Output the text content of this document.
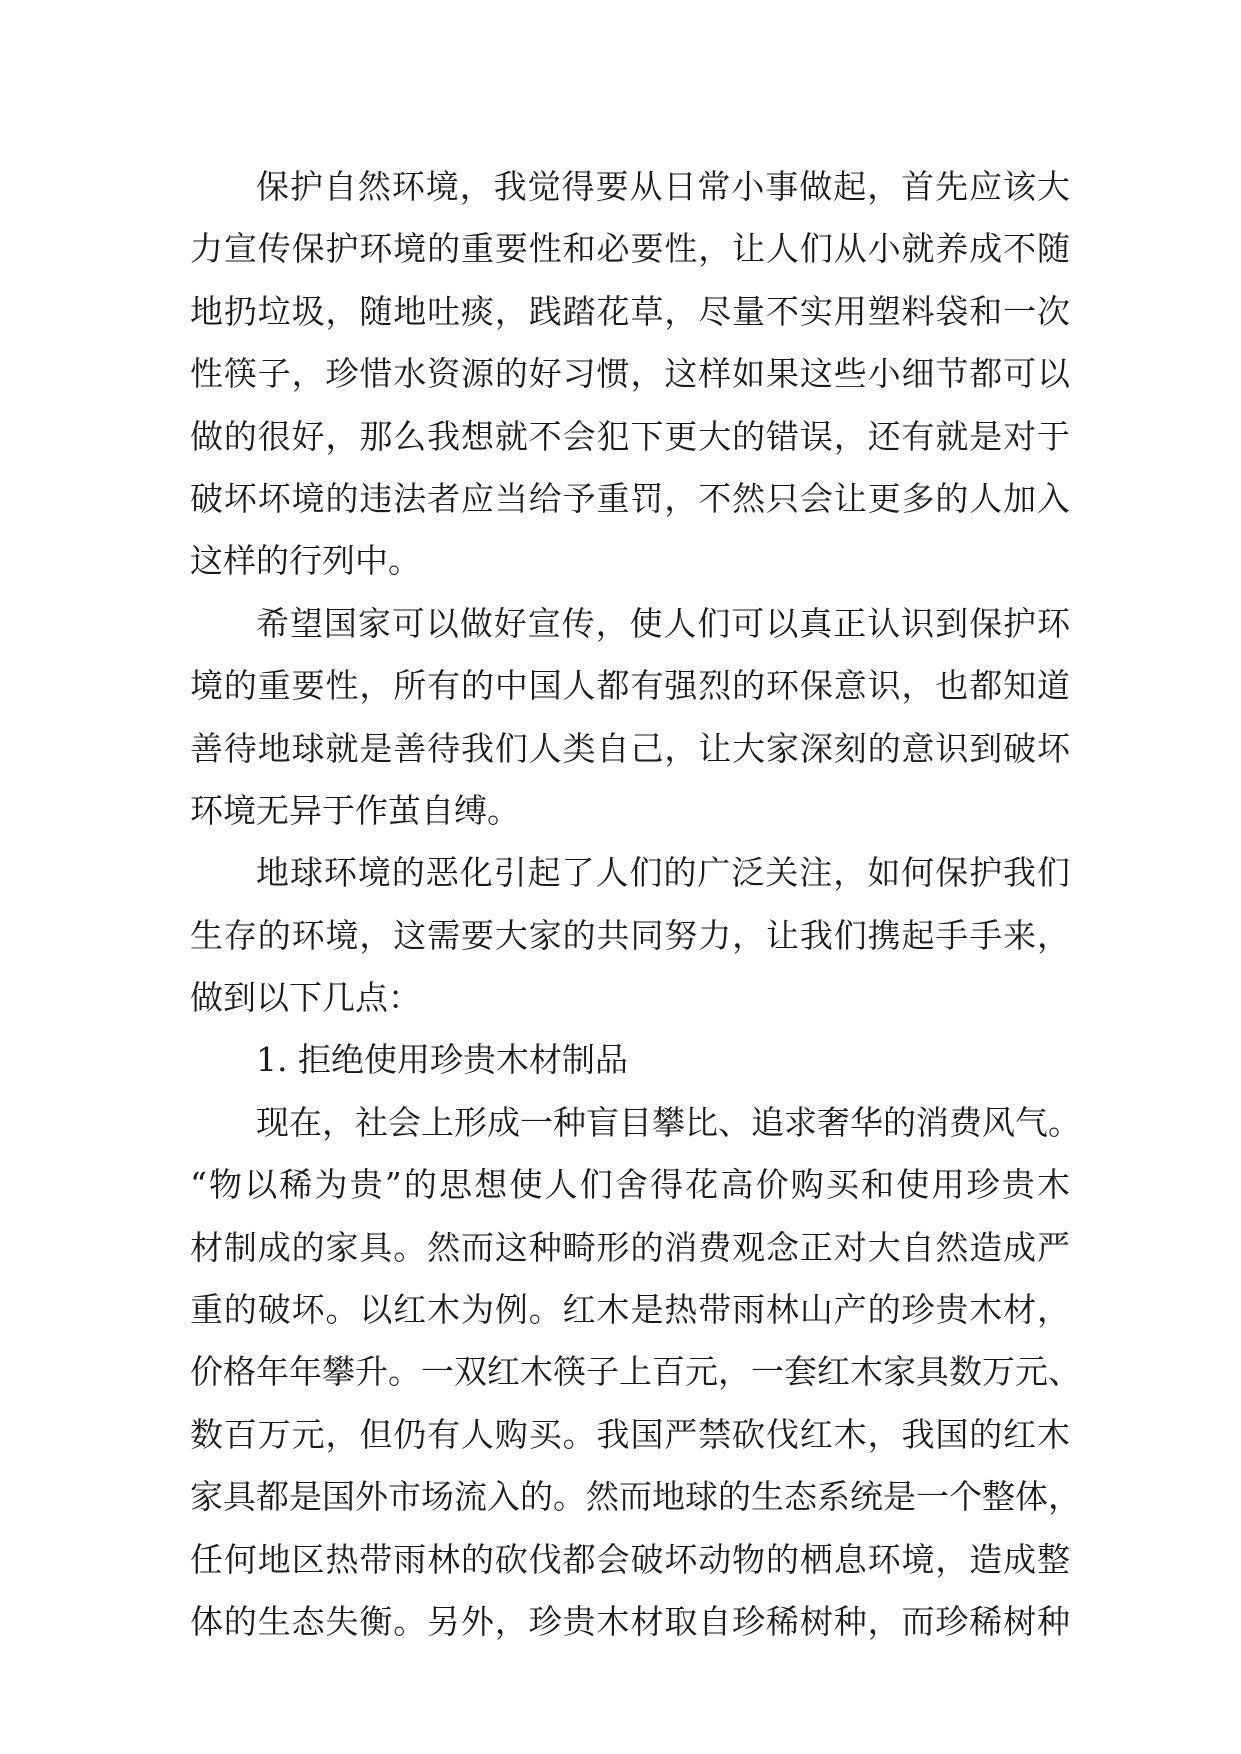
保护自然环境，我觉得要从日常小事做起，首先应该大
力宣传保护环境的重要性和必要性，让人们从小就养成不随
地扔垃圾，随地吐痰，践踏花草，尽量不实用塑料袋和一次
性筷子，珍惜水资源的好习惯，这样如果这些小细节都可以
做的很好，那么我想就不会犯下更大的错误，还有就是对于
破坏坏境的违法者应当给予重罚，不然只会让更多的人加入
这样的行列中。
希望国家可以做好宣传，使人们可以真正认识到保护环
境的重要性，所有的中国人都有强烈的环保意识，也都知道
善待地球就是善待我们人类自己，让大家深刻的意识到破坏
环境无异于作茧自缚。
地球环境的恶化引起了人们的广泛关注，如何保护我们
生存的环境，这需要大家的共同努力，让我们携起手手来，
做到以下几点：
1. 拒绝使用珍贵木材制品
现在，社会上形成一种盲目攀比、追求奢华的消费风气。
“物以稀为贵”的思想使人们舍得花高价购买和使用珍贵木
材制成的家具。然而这种畸形的消费观念正对大自然造成严
重的破坏。以红木为例。红木是热带雨林山产的珍贵木材，
价格年年攀升。一双红木筷子上百元，一套红木家具数万元、
数百万元，但仍有人购买。我国严禁砍伐红木，我国的红木
家具都是国外市场流入的。然而地球的生态系统是一个整体，
任何地区热带雨林的砍伐都会破坏动物的栖息环境，造成整
体的生态失衡。另外，珍贵木材取自珍稀树种，而珍稀树种
